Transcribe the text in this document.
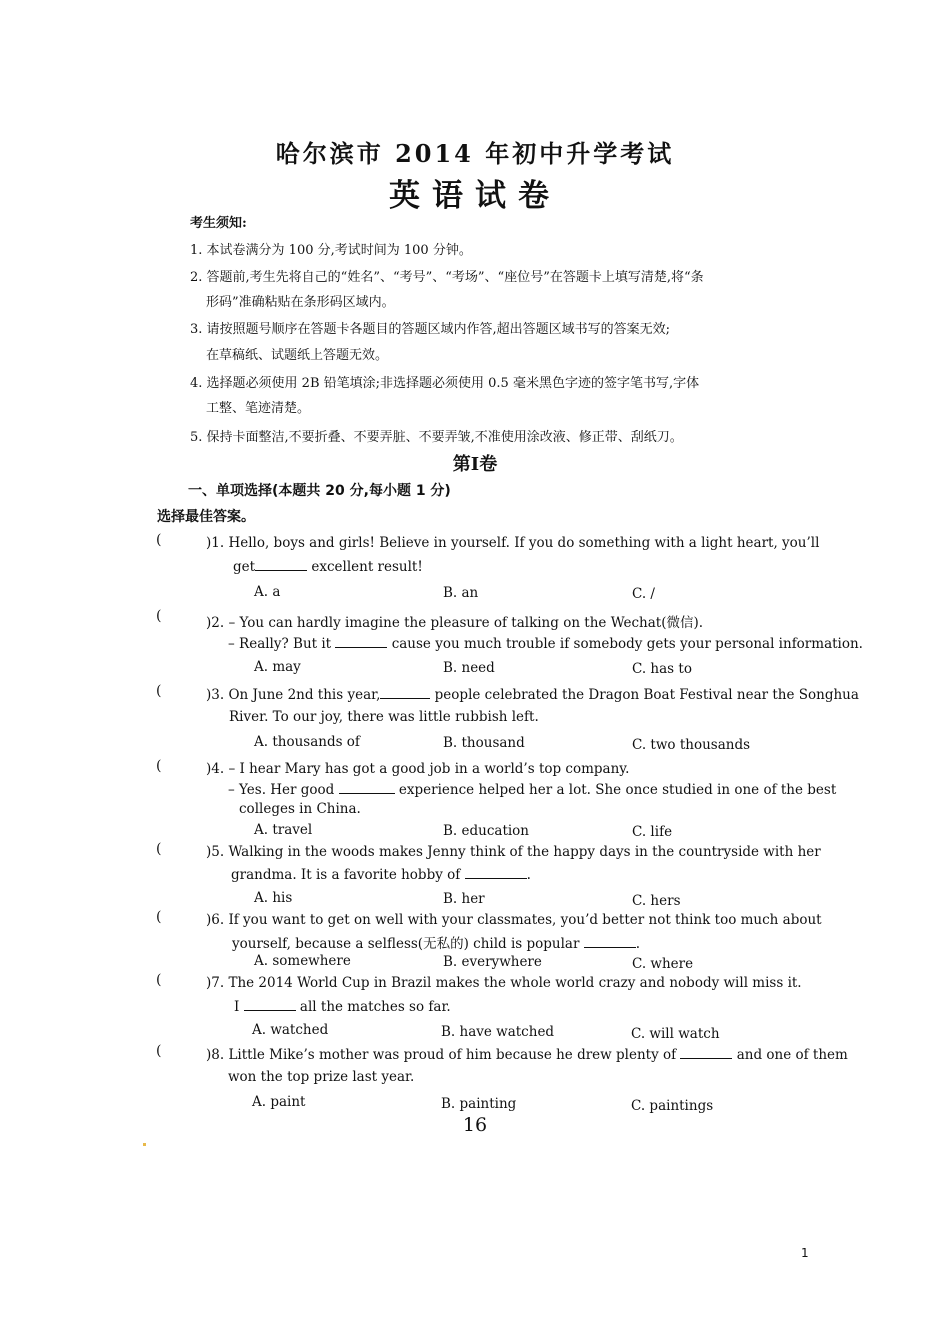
哈尔滨市 2014 年初中升学考试
英语试卷
考生须知:
1. 本试卷满分为 100 分,考试时间为 100 分钟。
2. 答题前,考生先将自己的“姓名”、“考号”、“考场”、“座位号”在答题卡上填写清楚,将“条
形码”准确粘贴在条形码区域内。
3. 请按照题号顺序在答题卡各题目的答题区域内作答,超出答题区域书写的答案无效;
在草稿纸、试题纸上答题无效。
4. 选择题必须使用 2B 铅笔填涂;非选择题必须使用 0.5 毫米黑色字迹的签字笔书写,字体
工整、笔迹清楚。
5. 保持卡面整洁,不要折叠、不要弄脏、不要弄皱,不准使用涂改液、修正带、刮纸刀。
第Ⅰ卷
一、单项选择(本题共 20 分,每小题 1 分)
选择最佳答案。
(	)1. Hello, boys and girls! Believe in yourself. If you do something with a light heart, you’ll
get	excellent result!
A. a	B. an	C. /
(	)2. – You can hardly imagine the pleasure of talking on the Wechat(微信).
– Really? But it	cause you much trouble if somebody gets your personal information.
A. may	B. need	C. has to
(	)3. On June 2nd this year,	people celebrated the Dragon Boat Festival near the Songhua
River. To our joy, there was little rubbish left.
A. thousands of	B. thousand	C. two thousands
(	)4. – I hear Mary has got a good job in a world’s top company.
– Yes. Her good	experience helped her a lot. She once studied in one of the best
colleges in China.
A. travel	B. education	C. life
(	)5. Walking in the woods makes Jenny think of the happy days in the countryside with her
grandma. It is a favorite hobby of	.
A. his	B. her	C. hers
(	)6. If you want to get on well with your classmates, you’d better not think too much about
yourself, because a selfless(无私的) child is popular	.
A. somewhere	B. everywhere	C. where
(	)7. The 2014 World Cup in Brazil makes the whole world crazy and nobody will miss it.
I	all the matches so far.
A. watched	B. have watched	C. will watch
(	)8. Little Mike’s mother was proud of him because he drew plenty of	and one of them
won the top prize last year.
A. paint	B. painting	C. paintings
16
1
